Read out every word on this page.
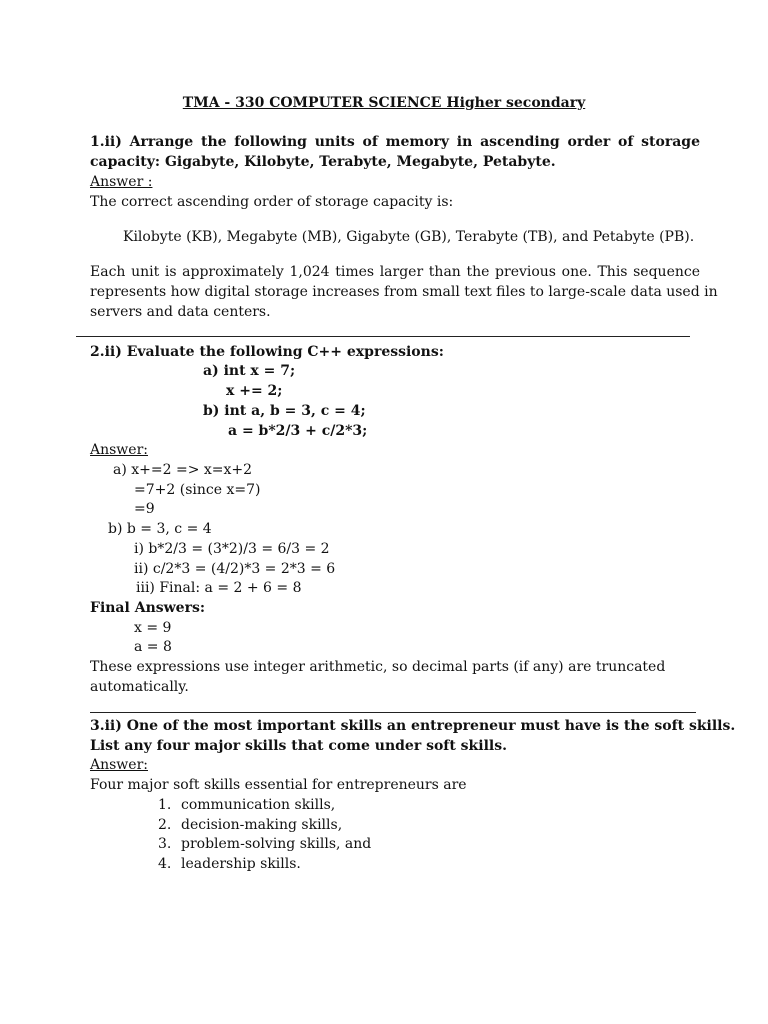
TMA - 330 COMPUTER SCIENCE Higher secondary
1.ii) Arrange the following units of memory in ascending order of storage
capacity: Gigabyte, Kilobyte, Terabyte, Megabyte, Petabyte.
Answer :
The correct ascending order of storage capacity is:
Kilobyte (KB), Megabyte (MB), Gigabyte (GB), Terabyte (TB), and Petabyte (PB).
Each unit is approximately 1,024 times larger than the previous one. This sequence
represents how digital storage increases from small text files to large-scale data used in
servers and data centers.
2.ii) Evaluate the following C++ expressions:
a) int x = 7;
x += 2;
b) int a, b = 3, c = 4;
a = b*2/3 + c/2*3;
Answer:
a) x+=2 => x=x+2
=7+2 (since x=7)
=9
b) b = 3, c = 4
i) b*2/3 = (3*2)/3 = 6/3 = 2
ii) c/2*3 = (4/2)*3 = 2*3 = 6
iii) Final: a = 2 + 6 = 8
Final Answers:
x = 9
a = 8
These expressions use integer arithmetic, so decimal parts (if any) are truncated
automatically.
3.ii) One of the most important skills an entrepreneur must have is the soft skills.
List any four major skills that come under soft skills.
Answer:
Four major soft skills essential for entrepreneurs are
1. communication skills,
2. decision-making skills,
3. problem-solving skills, and
4. leadership skills.
